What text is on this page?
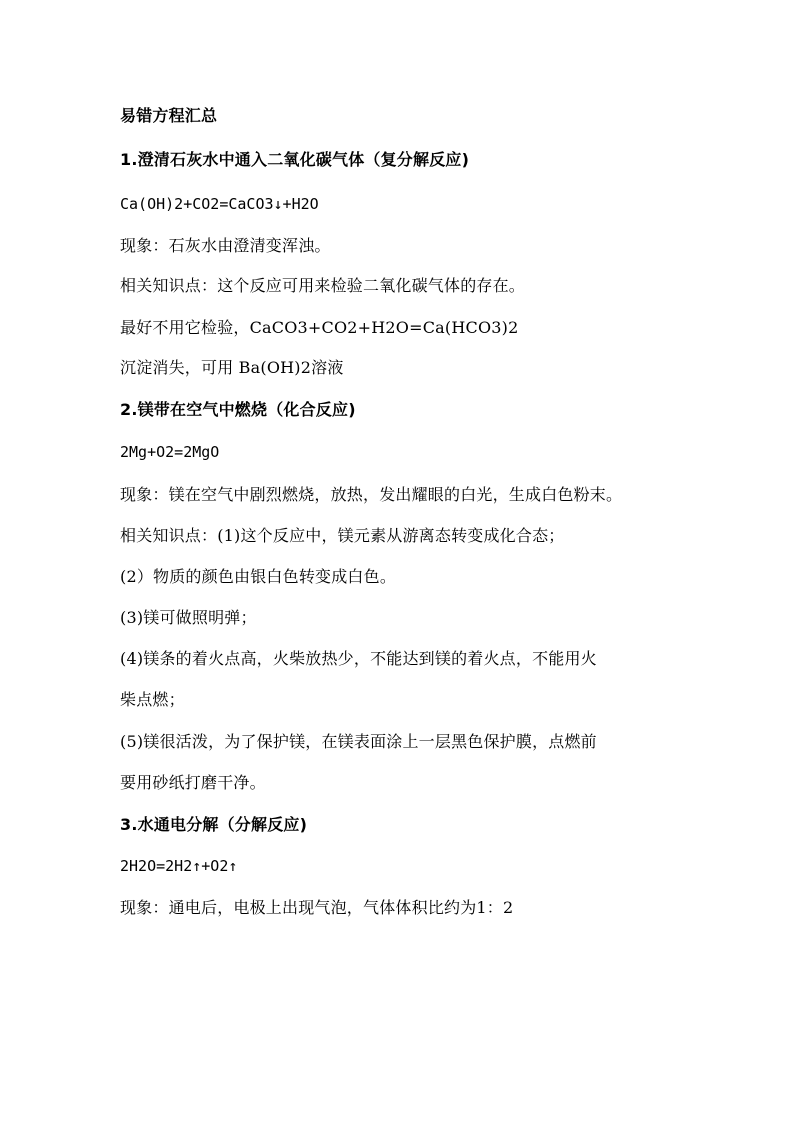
易错方程汇总
1.澄清石灰水中通入二氧化碳气体（复分解反应)
Ca(OH)2+CO2=CaCO3↓+H2O
现象：石灰水由澄清变浑浊。
相关知识点：这个反应可用来检验二氧化碳气体的存在。
最好不用它检验，CaCO3+CO2+H2O=Ca(HCO3)2
沉淀消失，可用 Ba(OH)2溶液
2.镁带在空气中燃烧（化合反应)
2Mg+O2=2MgO
现象：镁在空气中剧烈燃烧，放热，发出耀眼的白光，生成白色粉末。
相关知识点：(1)这个反应中，镁元素从游离态转变成化合态；
(2）物质的颜色由银白色转变成白色。
(3)镁可做照明弹；
(4)镁条的着火点高，火柴放热少，不能达到镁的着火点，不能用火
柴点燃；
(5)镁很活泼，为了保护镁，在镁表面涂上一层黑色保护膜，点燃前
要用砂纸打磨干净。
3.水通电分解（分解反应)
2H2O=2H2↑+O2↑
现象：通电后，电极上出现气泡，气体体积比约为1：2
